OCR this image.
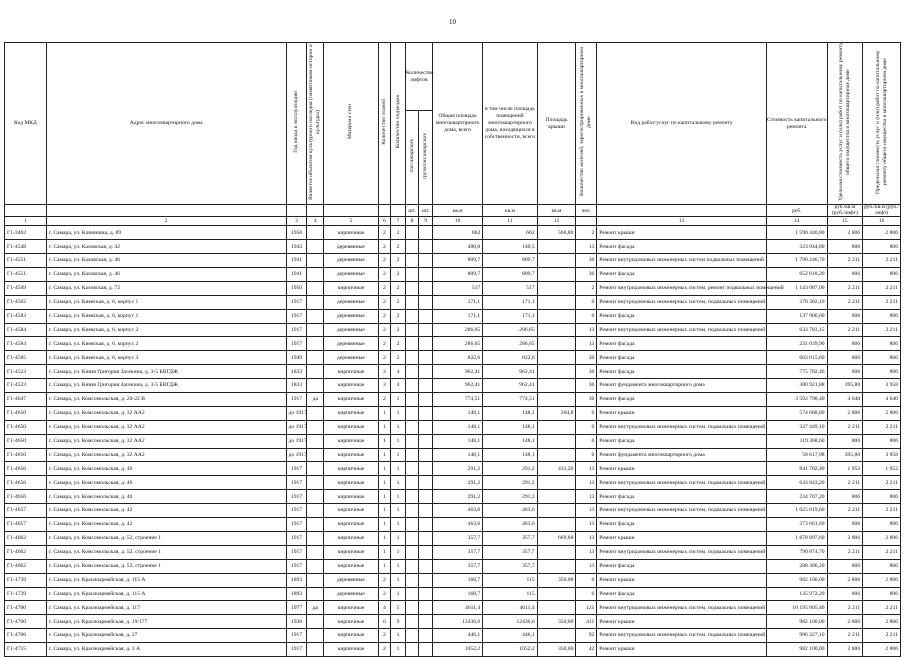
10
Код МКД	Адрес многоквартирного дома	Год ввода в эксплуатацию	Является объектом культурного наследия (памятником истории и культуры)	Материал стен	Количество этажей	Количество подъездов	Количество лифтов		Общая площадь многоквартирного дома, всего	в том числе площадь помещений многоквартирного дома, находящихся в собственности, всего	Площадь крыши	Количество жителей, зарегистрированных в многоквартирном доме	Вид работ/услуг по капитальному ремонту	Стоимость капитального ремонта	Удельная стоимость услуг и (или) работ по капитальному ремонту общего имущества в многоквартирном доме	Предельная стоимость услуг и (или) работ по капитальному ремонту общего имущества в многоквартирном доме
							пассажирских	грузопассажирских								
							шт.	шт.	кв.м	кв.м	кв.м	чел.		руб.	руб./кв.м (руб./лифт)	руб./кв.м (руб./лифт)
1	2	3	4	5	6	7	8	9	10	11	12		13	14	15	16
Г1-3462	г. Самара, ул. Клинишна, д. 89	1958		кирпичные	2	2			662	662	566,80	2	Ремонт крыши	1 590 440,80	2 806	2 806
Г1-4548	г. Самара, ул. Каховская, д. 42	1943		деревянные	2	2			400,8	140,5		13	Ремонт фасада	323 044,80	806	806
Г1-4551	г. Самара, ул. Каховская, д. 46	1941		деревянные	2	2			809,7	809,7		36	Ремонт внутридомовых инженерных систем подвальных помещений	1 790 246,70	2 211	2 211
Г1-4551	г. Самара, ул. Каховская, д. 46	1941		деревянные	2	2			809,7	809,7		36	Ремонт фасада	652 618,20	806	806
Г1-4569	г. Самара, ул. Каховская, д. 72	1950		кирпичные	2	2			517	517		2	Ремонт внутридомовых инженерных систем, ремонт подвальных помещений	1 143 087,00	2 211	2 211
Г1-4582	г. Самара, ул. Киевская, д. 6, корпус 1	1917		деревянные	2	2			171,1	171,1		6	Ремонт внутридомовых инженерных систем, подвальных помещений	378 302,10	2 211	2 211
Г1-4583	г. Самара, ул. Киевская, д. 6, корпус 1	1917		деревянные	2	2			171,1	171,1		6	Ремонт фасада	137 906,60	806	806
Г1-4584	г. Самара, ул. Киевская, д. 6, корпус 2	1917		деревянные	2	2			286,65	286,65		13	Ремонт внутридомовых инженерных систем, подвальных помещений	633 783,15	2 211	2 211
Г1-4584	г. Самара, ул. Киевская, д. 6, корпус 2	1917		деревянные	2	2			286,65	286,65		13	Ремонт фасада	231 039,90	806	806
Г1-4585	г. Самара, ул. Киевская, д. 6, корпус 3	1949		деревянные	2	2			822,6	822,6		36	Ремонт фасада	663 015,60	806	806
Г1-4523	г. Самара, ул. Князя Григория Засекина, д. 3-5 БВГДЖ	1833		кирпичные	3	4			962,41	962,41		36	Ремонт фасада	775 702,46	806	806
Г1-4523	г. Самара, ул. Князя Григория Засекина, д. 3-5 БВГДЖ	1833		кирпичные	3	4			962,41	962,41		36	Ремонт фундамента многоквартирного дома	380 921,88	395,80	3 958
Г1-4647	г. Самара, ул. Комсомольская, д. 20-22 В	1917	да	кирпичные	2	1			774,51	774,51		36	Ремонт фасада	3 592 798,40	4 640	4 640
Г1-4650	г. Самара, ул. Комсомольская, д. 32 АА2	до 1917		кирпичные	1	1			148,1	148,1	204,8	6	Ремонт крыши	574 668,80	2 806	2 806
Г1-4650	г. Самара, ул. Комсомольская, д. 32 АА2	до 1917		кирпичные	1	1			148,1	148,1		6	Ремонт внутридомовых инженерных систем, подвальных помещений	327 449,10	2 211	2 211
Г1-4650	г. Самара, ул. Комсомольская, д. 32 АА2	до 1917		кирпичные	1	1			148,1	148,1		6	Ремонт фасада	119 368,60	806	806
Г1-4650	г. Самара, ул. Комсомольская, д. 32 АА2	до 1917		кирпичные	1	1			148,1	148,1		6	Ремонт фундамента многоквартирного дома	58 617,98	395,80	3 958
Г1-4656	г. Самара, ул. Комсомольская, д. 40	1917		кирпичные	1	1			291,2	291,2	431,20	13	Ремонт крыши	841 702,40	1 952	1 952
Г1-4656	г. Самара, ул. Комсомольская, д. 40	1917		кирпичные	1	1			291,2	291,2		13	Ремонт внутридомовых инженерных систем, подвальных помещений	643 843,20	2 211	2 211
Г1-4656	г. Самара, ул. Комсомольская, д. 40	1917		кирпичные	1	1			291,2	291,2		13	Ремонт фасада	234 707,20	806	806
Г1-4657	г. Самара, ул. Комсомольская, д. 42	1917		кирпичные	1	1			463,6	463,6		13	Ремонт внутридомовых инженерных систем, подвальных помещений	1 025 019,60	2 211	2 211
Г1-4657	г. Самара, ул. Комсомольская, д. 42	1917		кирпичные	1	1			463,6	463,6		13	Ремонт фасада	373 661,60	806	806
Г1-4662	г. Самара, ул. Комсомольская, д. 52, строение 1	1917		кирпичные	1	1			357,7	357,7	669,60	13	Ремонт крыши	1 878 897,60	2 806	2 806
Г1-4662	г. Самара, ул. Комсомольская, д. 52, строение 1	1917		кирпичные	1	1			357,7	357,7		13	Ремонт внутридомовых инженерных систем, подвальных помещений	790 874,70	2 211	2 211
Г1-4662	г. Самара, ул. Комсомольская, д. 52, строение 1	1917		кирпичные	1	1			357,7	357,7		13	Ремонт фасада	288 306,20	806	806
Г1-1739	г. Самара, ул. Красноармейская, д. 115 А	1893		деревянные	2	1			168,7	115	350,00	6	Ремонт крыши	982 100,00	2 806	2 806
Г1-1739	г. Самара, ул. Красноармейская, д. 115 А	1893		деревянные	2	1			168,7	115		6	Ремонт фасада	135 972,20	806	806
Г1-4700	г. Самара, ул. Красноармейская, д. 117	1977	да	кирпичные	4	5			4611,4	4611,4		121	Ремонт внутридомовых инженерных систем, подвальных помещений	10 195 805,40	2 211	2 211
Г1-4700	г. Самара, ул. Красноармейская, д. 19/177	1938		кирпичные	6	9			12436,6	12436,6	350,00	411	Ремонт крыши	982 100,00	2 806	2 806
Г1-4706	г. Самара, ул. Красноармейская, д. 27	1917		кирпичные	2	1			446,1	446,1		92	Ремонт внутридомовых инженерных систем, подвальных помещений	986 327,10	2 211	2 211
Г1-4715	г. Самара, ул. Красноармейская, д. 3 А	1917		кирпичные	2	1			1052,2	1052,2	350,00	42	Ремонт крыши	982 100,00	2 806	2 806
